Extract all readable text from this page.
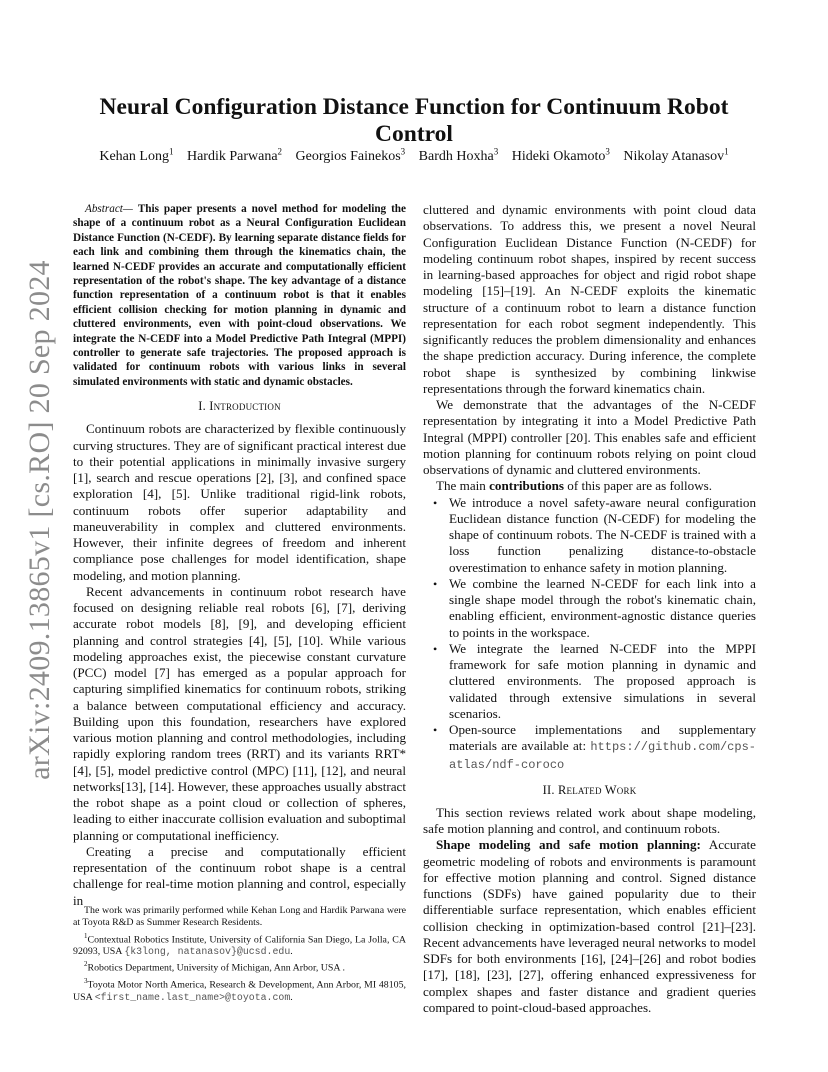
arXiv:2409.13865v1 [cs.RO] 20 Sep 2024
Neural Configuration Distance Function for Continuum Robot Control
Kehan Long$^1$ Hardik Parwana$^2$ Georgios Fainekos$^3$ Bardh Hoxha$^3$ Hideki Okamoto$^3$ Nikolay Atanasov$^1$

Abstract— This paper presents a novel method for modeling the shape of a continuum robot as a Neural Configuration Euclidean Distance Function (N-CEDF). By learning separate distance fields for each link and combining them through the kinematics chain, the learned N-CEDF provides an accurate and computationally efficient representation of the robot's shape. The key advantage of a distance function representation of a continuum robot is that it enables efficient collision checking for motion planning in dynamic and cluttered environments, even with point-cloud observations. We integrate the N-CEDF into a Model Predictive Path Integral (MPPI) controller to generate safe trajectories. The proposed approach is validated for continuum robots with various links in several simulated environments with static and dynamic obstacles.

I. Introduction

Continuum robots are characterized by flexible continuously curving structures. They are of significant practical interest due to their potential applications in minimally invasive surgery [1], search and rescue operations [2], [3], and confined space exploration [4], [5]. Unlike traditional rigid-link robots, continuum robots offer superior adaptability and maneuverability in complex and cluttered environments. However, their infinite degrees of freedom and inherent compliance pose challenges for model identification, shape modeling, and motion planning.

Recent advancements in continuum robot research have focused on designing reliable real robots [6], [7], deriving accurate robot models [8], [9], and developing efficient planning and control strategies [4], [5], [10]. While various modeling approaches exist, the piecewise constant curvature (PCC) model [7] has emerged as a popular approach for capturing simplified kinematics for continuum robots, striking a balance between computational efficiency and accuracy. Building upon this foundation, researchers have explored various motion planning and control methodologies, including rapidly exploring random trees (RRT) and its variants RRT* [4], [5], model predictive control (MPC) [11], [12], and neural networks[13], [14]. However, these approaches usually abstract the robot shape as a point cloud or collection of spheres, leading to either inaccurate collision evaluation and suboptimal planning or computational inefficiency.

Creating a precise and computationally efficient representation of the continuum robot shape is a central challenge for real-time motion planning and control, especially in

The work was primarily performed while Kehan Long and Hardik Parwana were at Toyota R&D as Summer Research Residents.

$^1$Contextual Robotics Institute, University of California San Diego, La Jolla, CA 92093, USA {k3long, natanasov}@ucsd.edu.

$^2$Robotics Department, University of Michigan, Ann Arbor, USA .

$^3$Toyota Motor North America, Research & Development, Ann Arbor, MI 48105, USA <first_name.last_name>@toyota.com.

cluttered and dynamic environments with point cloud data observations. To address this, we present a novel Neural Configuration Euclidean Distance Function (N-CEDF) for modeling continuum robot shapes, inspired by recent success in learning-based approaches for object and rigid robot shape modeling [15]–[19]. An N-CEDF exploits the kinematic structure of a continuum robot to learn a distance function representation for each robot segment independently. This significantly reduces the problem dimensionality and enhances the shape prediction accuracy. During inference, the complete robot shape is synthesized by combining linkwise representations through the forward kinematics chain.

We demonstrate that the advantages of the N-CEDF representation by integrating it into a Model Predictive Path Integral (MPPI) controller [20]. This enables safe and efficient motion planning for continuum robots relying on point cloud observations of dynamic and cluttered environments.

The main contributions of this paper are as follows.

• We introduce a novel safety-aware neural configuration Euclidean distance function (N-CEDF) for modeling the shape of continuum robots. The N-CEDF is trained with a loss function penalizing distance-to-obstacle overestimation to enhance safety in motion planning.
• We combine the learned N-CEDF for each link into a single shape model through the robot's kinematic chain, enabling efficient, environment-agnostic distance queries to points in the workspace.
• We integrate the learned N-CEDF into the MPPI framework for safe motion planning in dynamic and cluttered environments. The proposed approach is validated through extensive simulations in several scenarios.
• Open-source implementations and supplementary materials are available at: https://github.com/cps-atlas/ndf-coroco
II. Related Work

This section reviews related work about shape modeling, safe motion planning and control, and continuum robots.

Shape modeling and safe motion planning: Accurate geometric modeling of robots and environments is paramount for effective motion planning and control. Signed distance functions (SDFs) have gained popularity due to their differentiable surface representation, which enables efficient collision checking in optimization-based control [21]–[23]. Recent advancements have leveraged neural networks to model SDFs for both environments [16], [24]–[26] and robot bodies [17], [18], [23], [27], offering enhanced expressiveness for complex shapes and faster distance and gradient queries compared to point-cloud-based approaches.
